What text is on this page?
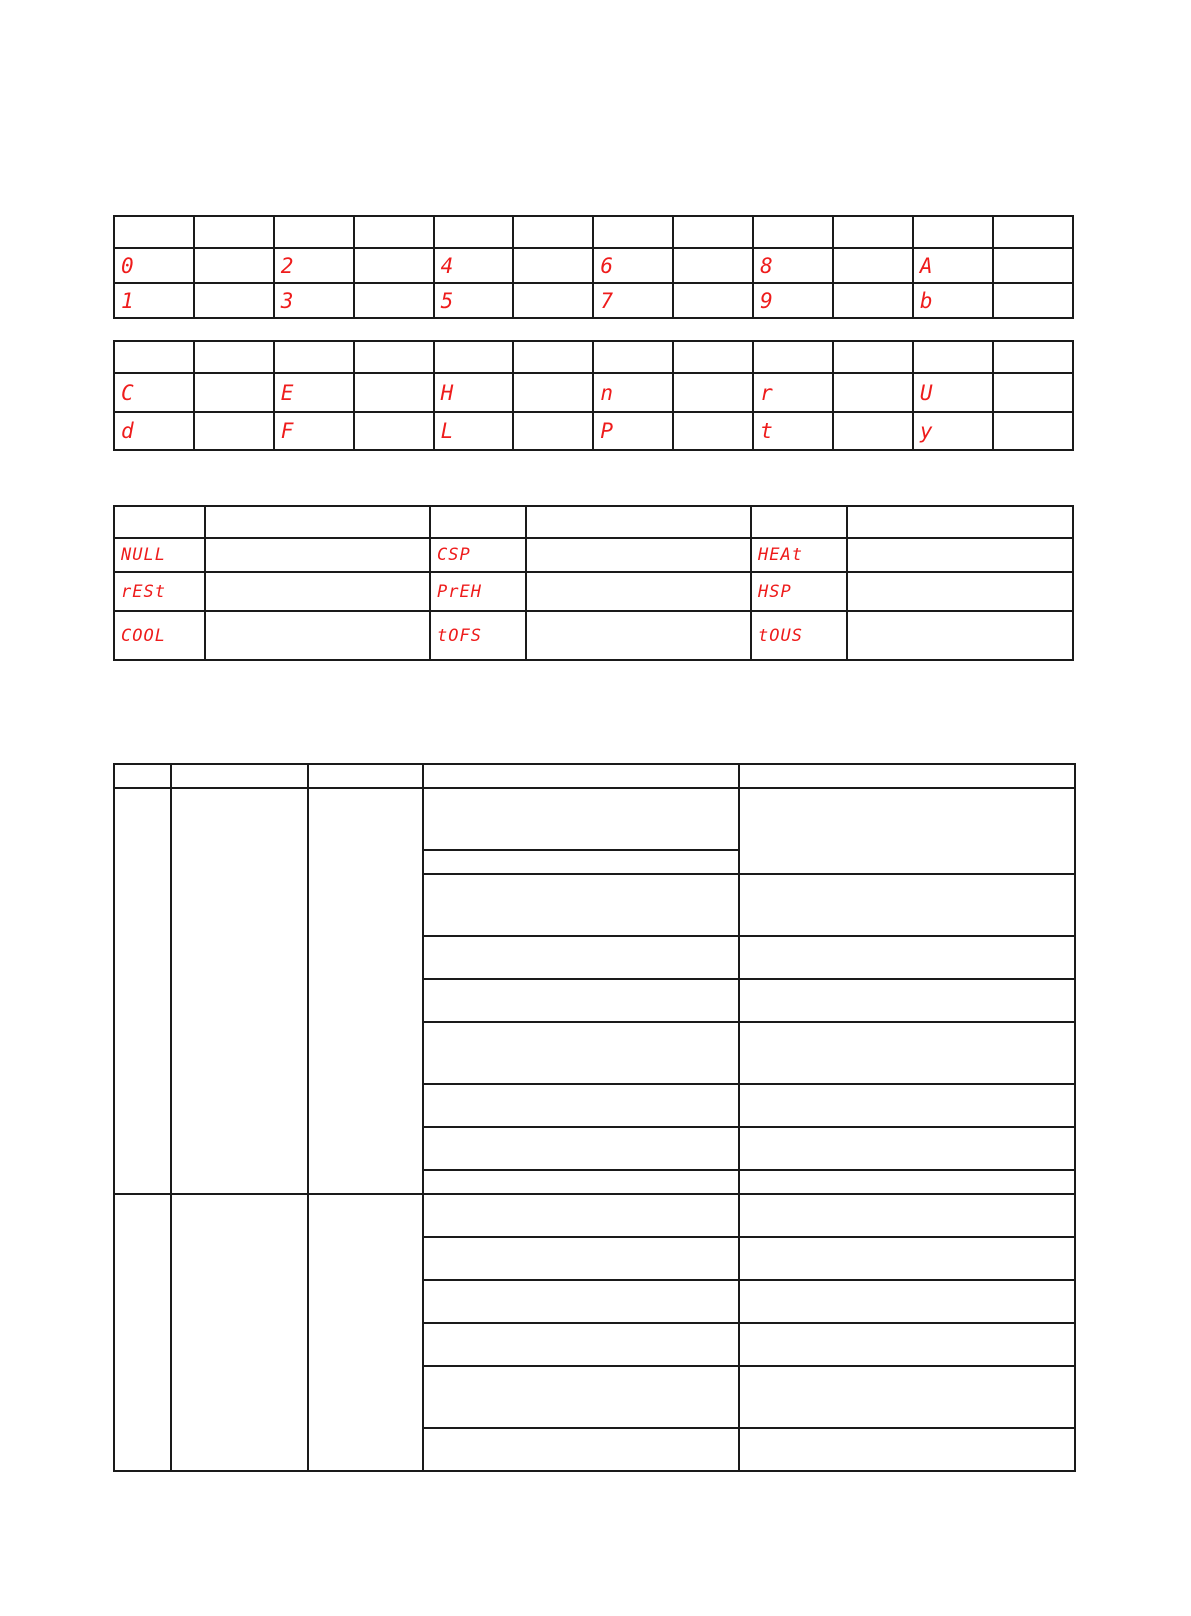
0		2		4		6		8		A	
1		3		5		7		9		b	

C		E		H		n		r		U	
d		F		L		P		t		y	

NULL		CSP		HEAt	
rESt		PrEH		HSP	
COOL		tOFS		tOUS	
